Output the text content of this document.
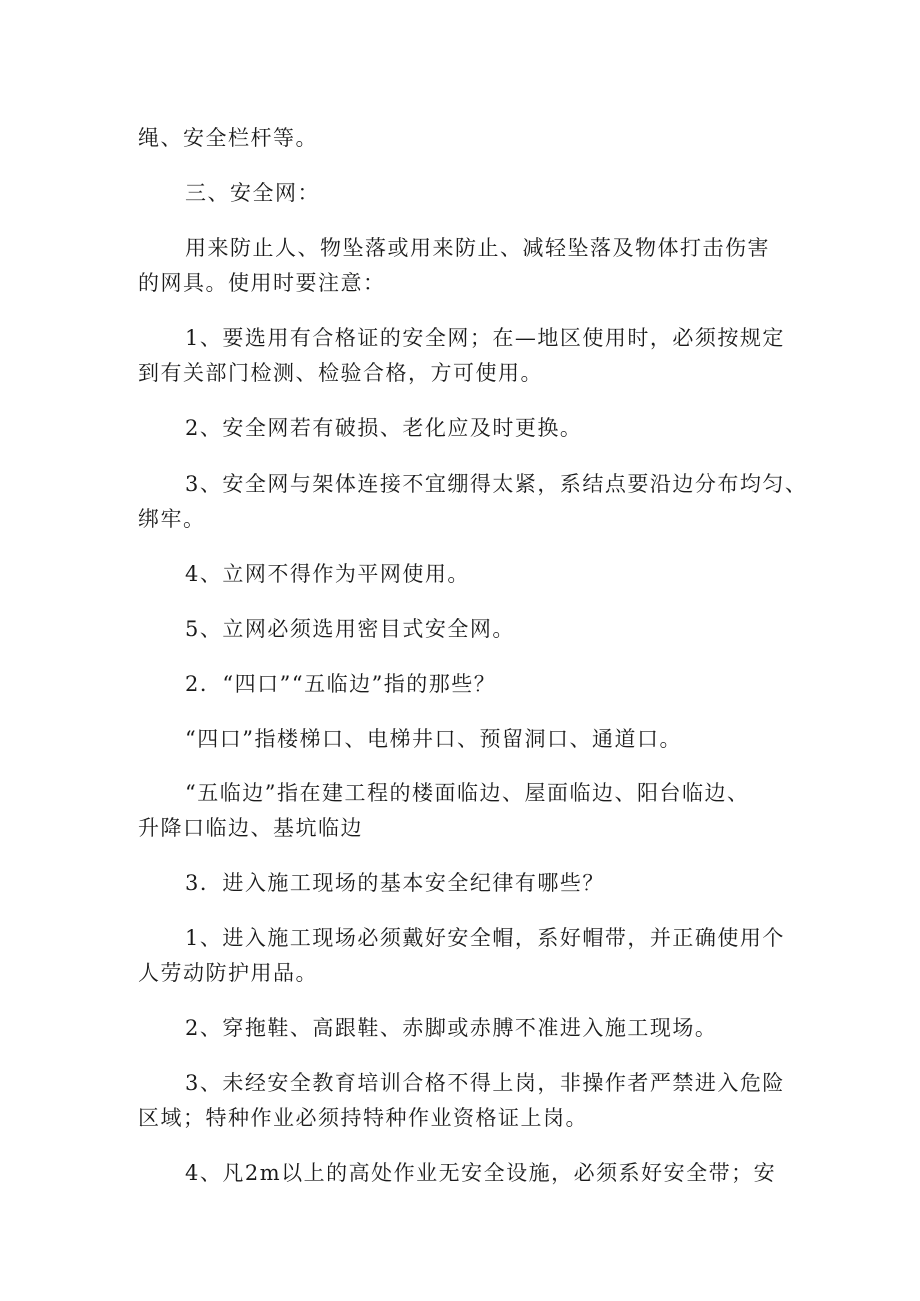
绳、安全栏杆等。
三、安全网：
用来防止人、物坠落或用来防止、减轻坠落及物体打击伤害
的网具。使用时要注意：
1、要选用有合格证的安全网；在—地区使用时，必须按规定
到有关部门检测、检验合格，方可使用。
2、安全网若有破损、老化应及时更换。
3、安全网与架体连接不宜绷得太紧，系结点要沿边分布均匀、
绑牢。
4、立网不得作为平网使用。
5、立网必须选用密目式安全网。
2．“四口”“五临边”指的那些？
“四口”指楼梯口、电梯井口、预留洞口、通道口。
“五临边”指在建工程的楼面临边、屋面临边、阳台临边、
升降口临边、基坑临边
3．进入施工现场的基本安全纪律有哪些？
1、进入施工现场必须戴好安全帽，系好帽带，并正确使用个
人劳动防护用品。
2、穿拖鞋、高跟鞋、赤脚或赤膊不准进入施工现场。
3、未经安全教育培训合格不得上岗，非操作者严禁进入危险
区域；特种作业必须持特种作业资格证上岗。
4、凡2m以上的高处作业无安全设施，必须系好安全带；安
